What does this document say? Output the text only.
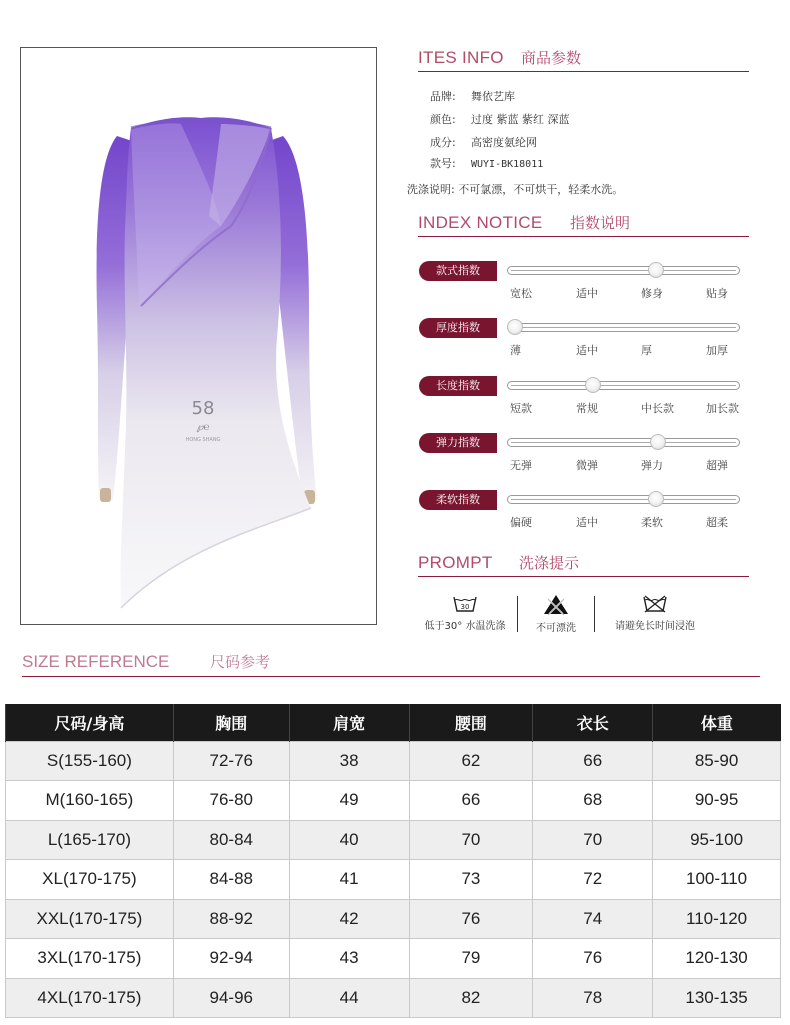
58
℘℮
HONG SHANG
ITES INFO 商品参数
品牌: 舞依艺库
颜色: 过度 紫蓝 紫红 深蓝
成分: 高密度氨纶网
款号: WUYI-BK18011
洗涤说明: 不可氯漂，不可烘干，轻柔水洗。
INDEX NOTICE 指数说明
款式指数
宽松	适中	修身	贴身
厚度指数
薄	适中	厚	加厚
长度指数
短款	常规	中长款	加长款
弹力指数
无弹	微弹	弹力	超弹
柔软指数
偏硬	适中	柔软	超柔
PROMPT 洗涤提示
30
低于30° 水温洗涤	不可漂洗	请避免长时间浸泡
SIZE REFERENCE	尺码参考
尺码/身高	胸围	肩宽	腰围	衣长	体重
S(155-160)	72-76	38	62	66	85-90
M(160-165)	76-80	49	66	68	90-95
L(165-170)	80-84	40	70	70	95-100
XL(170-175)	84-88	41	73	72	100-110
XXL(170-175)	88-92	42	76	74	110-120
3XL(170-175)	92-94	43	79	76	120-130
4XL(170-175)	94-96	44	82	78	130-135
